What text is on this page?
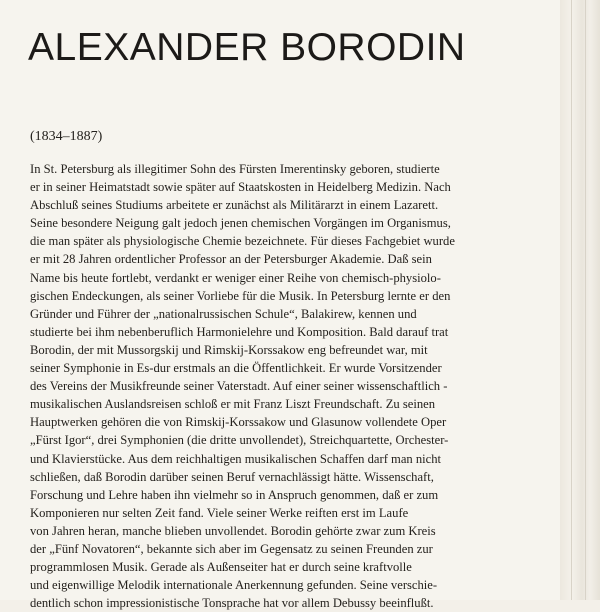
ALEXANDER BORODIN

(1834–1887)

In St. Petersburg als illegitimer Sohn des Fürsten Imerentinsky geboren, studierte
er in seiner Heimatstadt sowie später auf Staatskosten in Heidelberg Medizin. Nach
Abschluß seines Studiums arbeitete er zunächst als Militärarzt in einem Lazarett.
Seine besondere Neigung galt jedoch jenen chemischen Vorgängen im Organismus,
die man später als physiologische Chemie bezeichnete. Für dieses Fachgebiet wurde
er mit 28 Jahren ordentlicher Professor an der Petersburger Akademie. Daß sein
Name bis heute fortlebt, verdankt er weniger einer Reihe von chemisch-physiolo-
gischen Endeckungen, als seiner Vorliebe für die Musik. In Petersburg lernte er den
Gründer und Führer der „nationalrussischen Schule“, Balakirew, kennen und
studierte bei ihm nebenberuflich Harmonielehre und Komposition. Bald darauf trat
Borodin, der mit Mussorgskij und Rimskij-Korssakow eng befreundet war, mit
seiner Symphonie in Es-dur erstmals an die Öffentlichkeit. Er wurde Vorsitzender
des Vereins der Musikfreunde seiner Vaterstadt. Auf einer seiner wissenschaftlich -
musikalischen Auslandsreisen schloß er mit Franz Liszt Freundschaft. Zu seinen
Hauptwerken gehören die von Rimskij-Korssakow und Glasunow vollendete Oper
„Fürst Igor“, drei Symphonien (die dritte unvollendet), Streichquartette, Orchester-
und Klavierstücke. Aus dem reichhaltigen musikalischen Schaffen darf man nicht
schließen, daß Borodin darüber seinen Beruf vernachlässigt hätte. Wissenschaft,
Forschung und Lehre haben ihn vielmehr so in Anspruch genommen, daß er zum
Komponieren nur selten Zeit fand. Viele seiner Werke reiften erst im Laufe
von Jahren heran, manche blieben unvollendet. Borodin gehörte zwar zum Kreis
der „Fünf Novatoren“, bekannte sich aber im Gegensatz zu seinen Freunden zur
programmlosen Musik. Gerade als Außenseiter hat er durch seine kraftvolle
und eigenwillige Melodik internationale Anerkennung gefunden. Seine verschie-
dentlich schon impressionistische Tonsprache hat vor allem Debussy beeinflußt.
